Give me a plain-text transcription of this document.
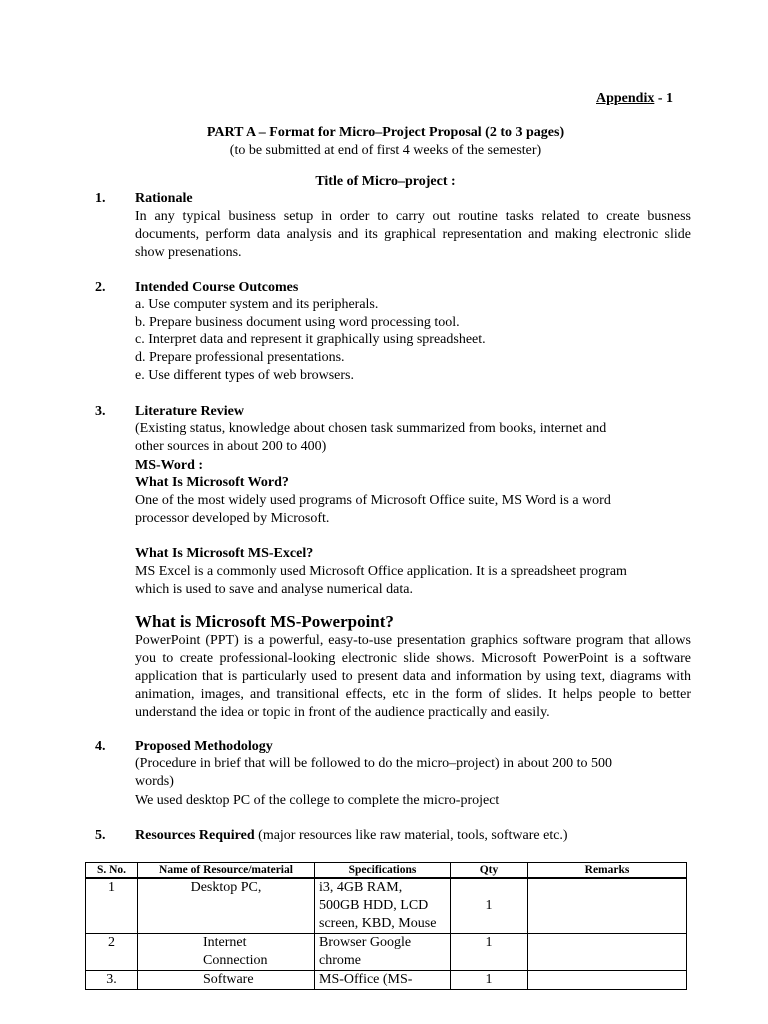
Appendix - 1
PART A – Format for Micro–Project Proposal (2 to 3 pages)
(to be submitted at end of first 4 weeks of the semester)
Title of Micro–project :
1. Rationale
In any typical business setup in order to carry out routine tasks related to create busness documents, perform data analysis and its graphical representation and making electronic slide show presenations.
2. Intended Course Outcomes
a. Use computer system and its peripherals.
b. Prepare business document using word processing tool.
c. Interpret data and represent it graphically using spreadsheet.
d. Prepare professional presentations.
e. Use different types of web browsers.
3. Literature Review
(Existing status, knowledge about chosen task summarized from books, internet and
other sources in about 200 to 400)
MS-Word :
What Is Microsoft Word?
One of the most widely used programs of Microsoft Office suite, MS Word is a word
processor developed by Microsoft.
What Is Microsoft MS-Excel?
MS Excel is a commonly used Microsoft Office application. It is a spreadsheet program
which is used to save and analyse numerical data.
What is Microsoft MS-Powerpoint?
PowerPoint (PPT) is a powerful, easy-to-use presentation graphics software program that allows you to create professional-looking electronic slide shows. Microsoft PowerPoint is a software application that is particularly used to present data and information by using text, diagrams with animation, images, and transitional effects, etc in the form of slides. It helps people to better understand the idea or topic in front of the audience practically and easily.
4. Proposed Methodology
(Procedure in brief that will be followed to do the micro–project) in about 200 to 500
words)
We used desktop PC of the college to complete the micro-project
5. Resources Required (major resources like raw material, tools, software etc.)
S. No.	Name of Resource/material	Specifications	Qty	Remarks
1	Desktop PC,	i3, 4GB RAM, 500GB HDD, LCD screen, KBD, Mouse	1	
2	Internet Connection	Browser Google chrome	1	
3.	Software	MS-Office (MS-	1	
